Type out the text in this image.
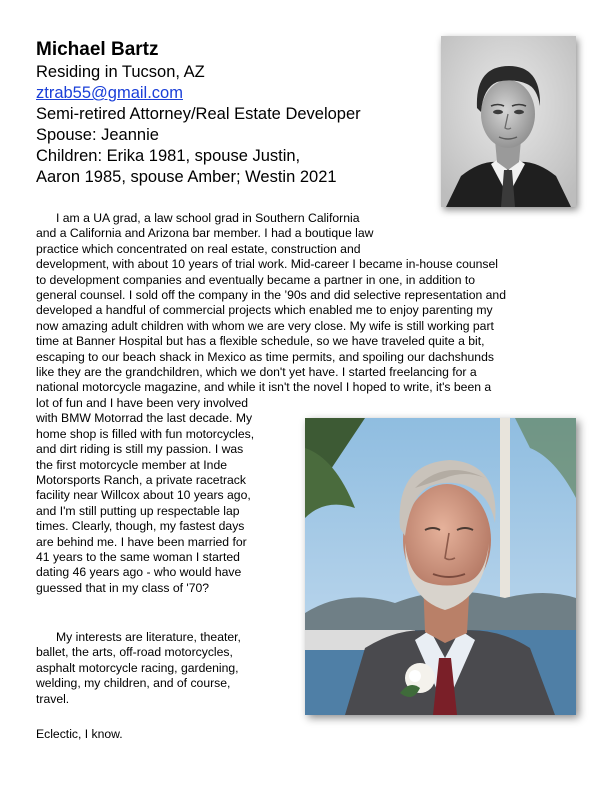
Michael Bartz

Residing in Tucson, AZ

ztrab55@gmail.com

Semi-retired Attorney/Real Estate Developer

Spouse: Jeannie

Children: Erika 1981, spouse Justin,

Aaron 1985, spouse Amber; Westin 2021

I am a UA grad, a law school grad in Southern California
and a California and Arizona bar member. I had a boutique law
practice which concentrated on real estate, construction and
development, with about 10 years of trial work. Mid-career I became in-house counsel
to development companies and eventually became a partner in one, in addition to
general counsel. I sold off the company in the ’90s and did selective representation and
developed a handful of commercial projects which enabled me to enjoy parenting my
now amazing adult children with whom we are very close. My wife is still working part
time at Banner Hospital but has a flexible schedule, so we have traveled quite a bit,
escaping to our beach shack in Mexico as time permits, and spoiling our dachshunds
like they are the grandchildren, which we don't yet have. I started freelancing for a
national motorcycle magazine, and while it isn't the novel I hoped to write, it's been a
lot of fun and I have been very involved
with BMW Motorrad the last decade. My
home shop is filled with fun motorcycles,
and dirt riding is still my passion. I was
the first motorcycle member at Inde
Motorsports Ranch, a private racetrack
facility near Willcox about 10 years ago,
and I'm still putting up respectable lap
times. Clearly, though, my fastest days
are behind me. I have been married for
41 years to the same woman I started
dating 46 years ago - who would have
guessed that in my class of '70?
My interests are literature, theater,
ballet, the arts, off-road motorcycles,
asphalt motorcycle racing, gardening,
welding, my children, and of course,
travel.
Eclectic, I know.
